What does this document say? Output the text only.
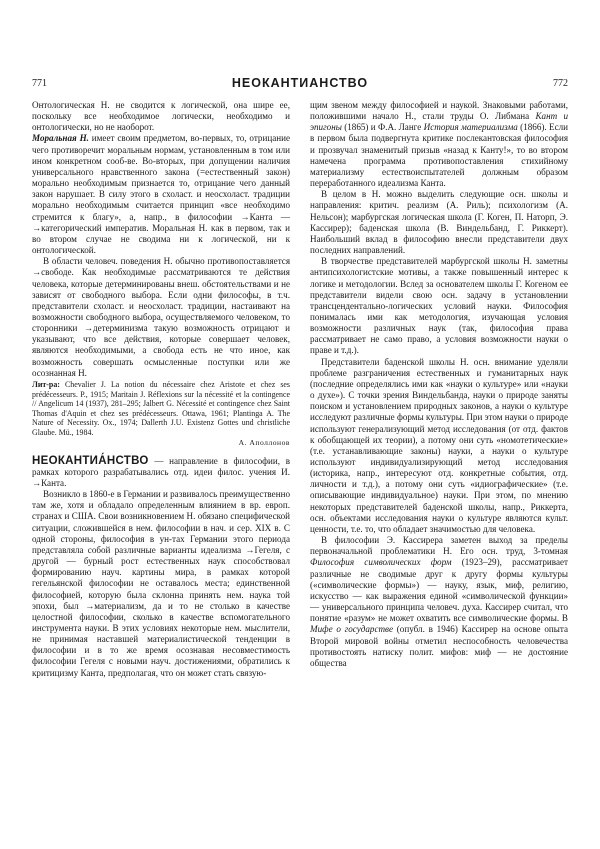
771	НЕОКАНТИАНСТВО	772

Онтологическая Н. не сводится к логической, она шире ее, поскольку все необходимое логически, необходимо и онтологически, но не наоборот.

Моральная Н. имеет своим предметом, во-первых, то, отрицание чего противоречит моральным нормам, установленным в том или ином конкретном сооб-ве. Во-вторых, при допущении наличия универсального нравственного закона (=естественный закон) морально необходимым признается то, отрицание чего данный закон нарушает. В силу этого в схоласт. и неосхоласт. традиции морально необходимым считается принцип «все необходимо стремится к благу», а, напр., в философии →Канта — →категорический императив. Моральная Н. как в первом, так и во втором случае не сводима ни к логической, ни к онтологической.

В области человеч. поведения Н. обычно противопоставляется →свободе. Как необходимые рассматриваются те действия человека, которые детерминированы внеш. обстоятельствами и не зависят от свободного выбора. Если одни философы, в т.ч. представители схоласт. и неосхоласт. традиции, настаивают на возможности свободного выбора, осуществляемого человеком, то сторонники →детерминизма такую возможность отрицают и указывают, что все действия, которые совершает человек, являются необходимыми, а свобода есть не что иное, как возможность совершать осмысленные поступки или же осознанная Н.

Лит-ра: Chevalier J. La notion du nécessaire chez Aristote et chez ses prédécesseurs. P., 1915; Maritain J. Réflexions sur la nécessité et la contingence // Angelicum 14 (1937), 281–295; Jalbert G. Nécessité et contingence chez Saint Thomas d'Aquin et chez ses prédécesseurs. Ottawa, 1961; Plantinga A. The Nature of Necessity. Ox., 1974; Dallerth J.U. Existenz Gottes und christliche Glaube. Mü., 1984.

А. Аполлонов

НЕОКАНТИА́НСТВО — направление в философии, в рамках которого разрабатывались отд. идеи филос. учения И. →Канта.

Возникло в 1860-е в Германии и развивалось преимущественно там же, хотя и обладало определенным влиянием в вр. европ. странах и США. Свои возникновением Н. обязано специфической ситуации, сложившейся в нем. философии в нач. и сер. XIX в. С одной стороны, философия в ун-тах Германии этого периода представляла собой различные варианты идеализма →Гегеля, с другой — бурный рост естественных наук способствовал формированию науч. картины мира, в рамках которой гегельянской философии не оставалось места; единственной философией, которую была склонна принять нем. наука той эпохи, был →материализм, да и то не столько в качестве целостной философии, сколько в качестве вспомогательного инструмента науки. В этих условиях некоторые нем. мыслители, не принимая наставшей материалистической тенденции в философии и в то же время осознавая несовместимость философии Гегеля с новыми науч. достижениями, обратились к критицизму Канта, предполагая, что он может стать связую-

щим звеном между философией и наукой. Знаковыми работами, положившими начало Н., стали труды О. Либмана Кант и эпигоны (1865) и Ф.А. Ланге История материализма (1866). Если в первом была подвергнута критике послекантовская философия и прозвучал знаменитый призыв «назад к Канту!», то во втором намечена программа противопоставления стихийному материализму естествоиспытателей должным образом переработанного идеализма Канта.

В целом в Н. можно выделить следующие осн. школы и направления: критич. реализм (А. Риль); психологизм (А. Нельсон); марбургская логическая школа (Г. Коген, П. Наторп, Э. Кассирер); баденская школа (В. Виндельбанд, Г. Риккерт). Наибольший вклад в философию внесли представители двух последних направлений.

В творчестве представителей марбургской школы Н. заметны антипсихологистские мотивы, а также повышенный интерес к логике и методологии. Вслед за основателем школы Г. Когеном ее представители видели свою осн. задачу в установлении трансцендентально-логических условий науки. Философия понималась ими как методология, изучающая условия возможности различных наук (так, философия права рассматривает не само право, а условия возможности науки о праве и т.д.).

Представители баденской школы Н. осн. внимание уделяли проблеме разграничения естественных и гуманитарных наук (последние определялись ими как «науки о культуре» или «науки о духе»). С точки зрения Виндельбанда, науки о природе заняты поиском и установлением природных законов, а науки о культуре исследуют различные формы культуры. При этом науки о природе используют генерализующий метод исследования (от отд. фактов к обобщающей их теории), а потому они суть «номотетические» (т.е. устанавливающие законы) науки, а науки о культуре используют индивидуализирующий метод исследования (историка, напр., интересуют отд. конкретные события, отд. личности и т.д.), а потому они суть «идиографические» (т.е. описывающие индивидуальное) науки. При этом, по мнению некоторых представителей баденской школы, напр., Риккерта, осн. объектами исследования науки о культуре являются культ. ценности, т.е. то, что обладает значимостью для человека.

В философии Э. Кассирера заметен выход за пределы первоначальной проблематики Н. Его осн. труд, 3-томная Философия символических форм (1923–29), рассматривает различные не сводимые друг к другу формы культуры («символические формы») — науку, язык, миф, религию, искусство — как выражения единой «символической функции» — универсального принципа человеч. духа. Кассирер считал, что понятие «разум» не может охватить все символические формы. В Мифе о государстве (опубл. в 1946) Кассирер на основе опыта Второй мировой войны отметил неспособность человечества противостоять натиску полит. мифов: миф — не достояние общества
